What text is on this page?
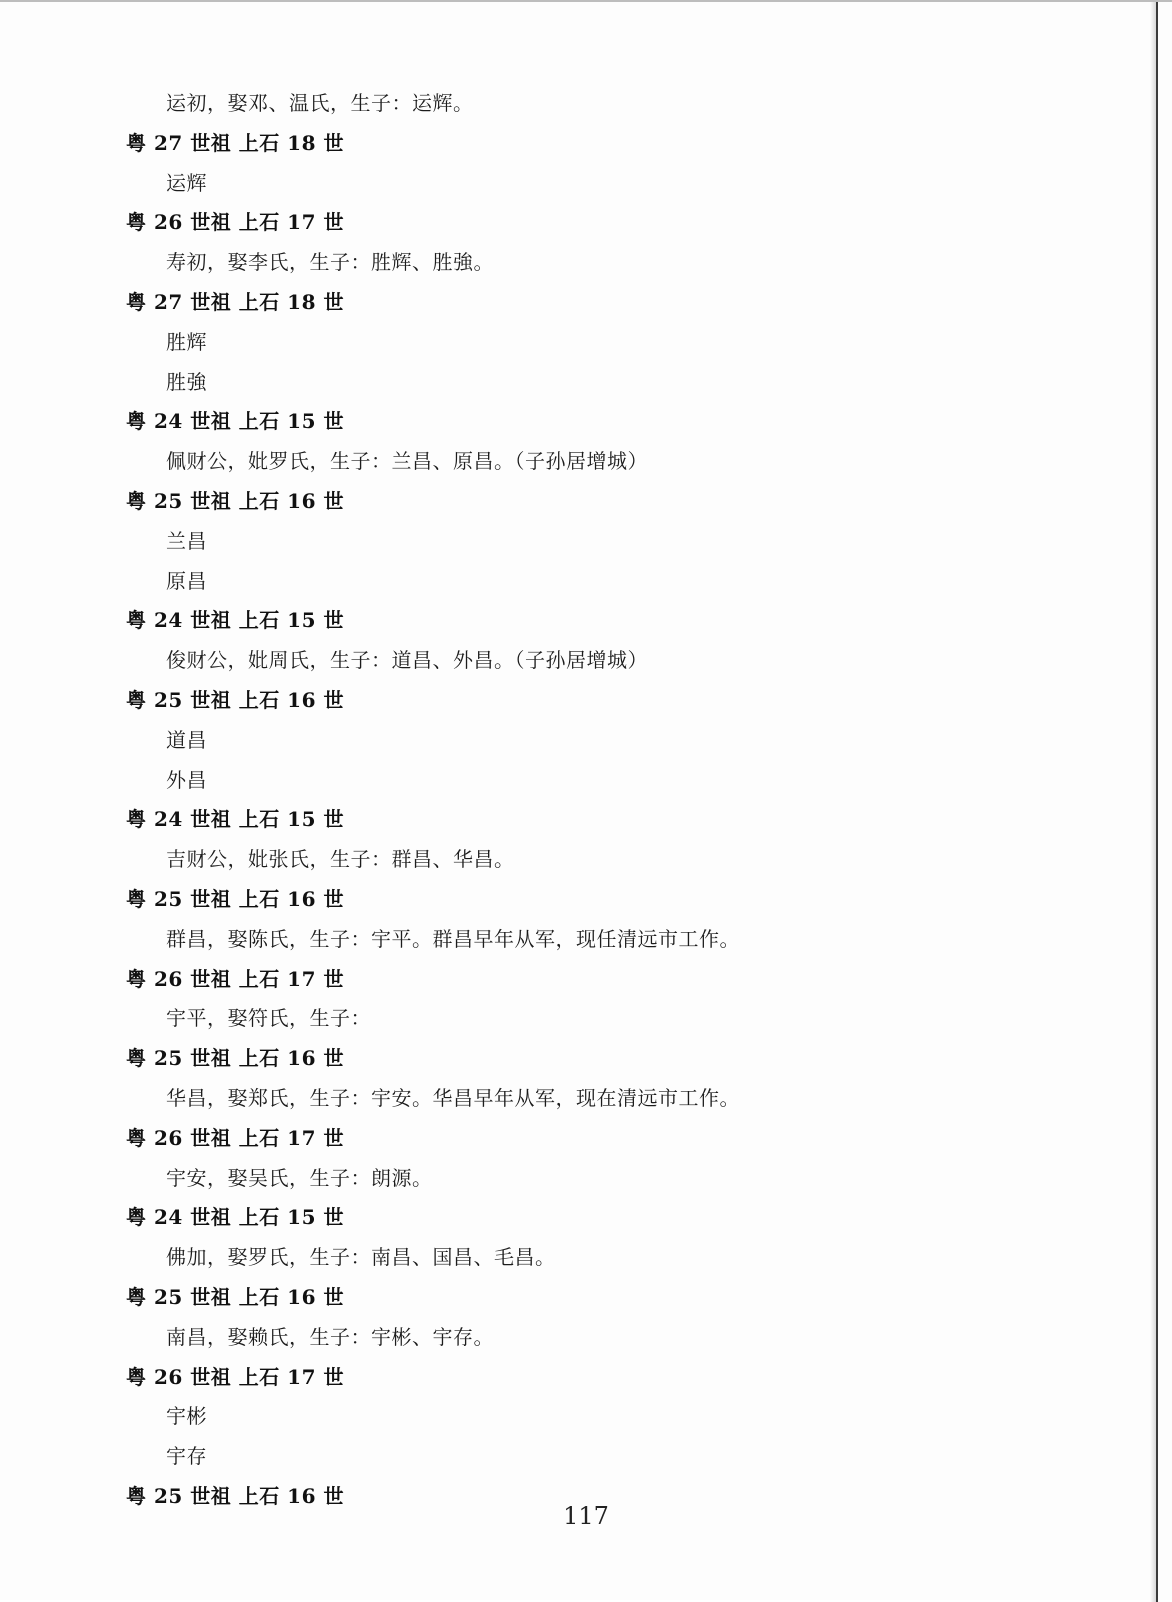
运初，娶邓、温氏，生子：运辉。
粤 27 世祖 上石 18 世
运辉
粤 26 世祖 上石 17 世
寿初，娶李氏，生子：胜辉、胜強。
粤 27 世祖 上石 18 世
胜辉
胜強
粤 24 世祖 上石 15 世
佩财公，妣罗氏，生子：兰昌、原昌。（子孙居增城）
粤 25 世祖 上石 16 世
兰昌
原昌
粤 24 世祖 上石 15 世
俊财公，妣周氏，生子：道昌、外昌。（子孙居增城）
粤 25 世祖 上石 16 世
道昌
外昌
粤 24 世祖 上石 15 世
吉财公，妣张氏，生子：群昌、华昌。
粤 25 世祖 上石 16 世
群昌，娶陈氏，生子：宇平。群昌早年从军，现任清远市工作。
粤 26 世祖 上石 17 世
宇平，娶符氏，生子：
粤 25 世祖 上石 16 世
华昌，娶郑氏，生子：宇安。华昌早年从军，现在清远市工作。
粤 26 世祖 上石 17 世
宇安，娶吴氏，生子：朗源。
粤 24 世祖 上石 15 世
佛加，娶罗氏，生子：南昌、国昌、毛昌。
粤 25 世祖 上石 16 世
南昌，娶赖氏，生子：宇彬、宇存。
粤 26 世祖 上石 17 世
宇彬
宇存
粤 25 世祖 上石 16 世
117
